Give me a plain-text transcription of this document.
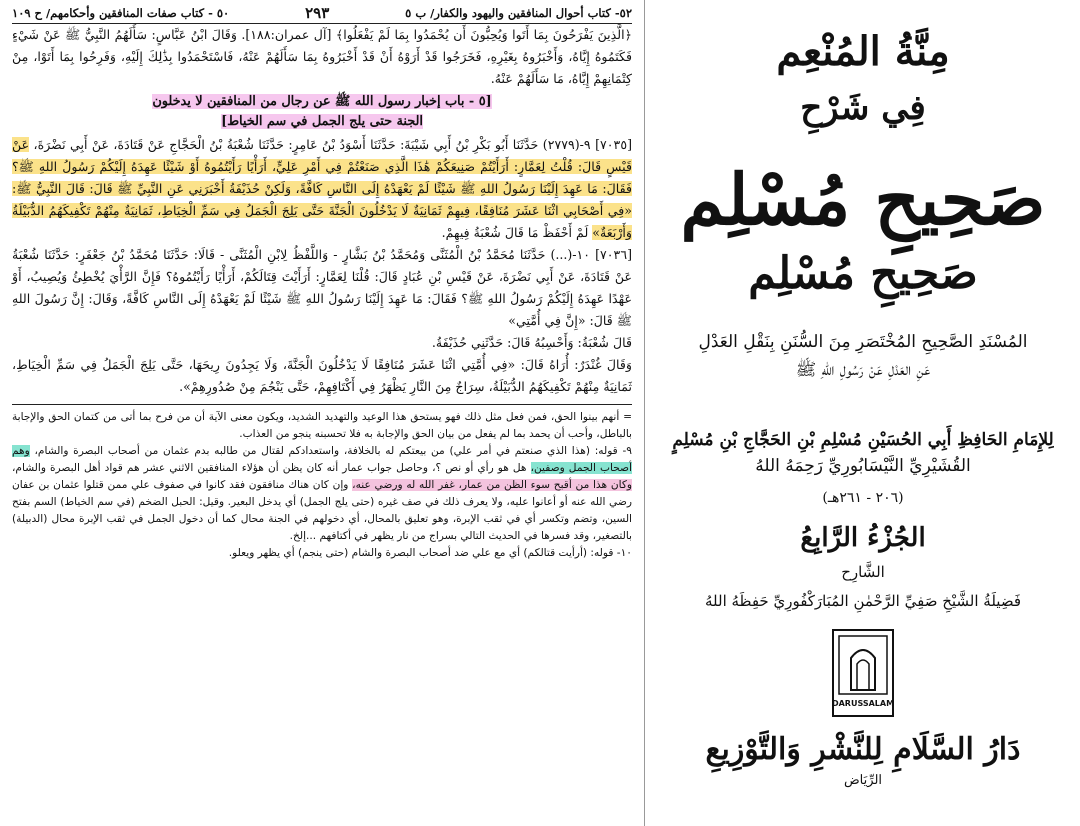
٥٢- كتاب أحوال المنافقين واليهود والكفار/ ب ٥
٢٩٣
٥٠ - كتاب صفات المنافقين وأحكامهم/ ح ١٠٩

﴿الَّذِينَ يَفْرَحُونَ بِمَا أَتَوا وَيُحِبُّونَ أَن يُحْمَدُوا بِمَا لَمْ يَفْعَلُوا﴾ [آل عمران:١٨٨]. وَقَالَ ابْنُ عَبَّاسٍ: سَأَلَهُمُ النَّبِيُّ ﷺ عَنْ شَيْءٍ فَكَتَمُوهُ إِيَّاهُ، وَأَخْبَرُوهُ بِغَيْرِهِ، فَخَرَجُوا قَدْ أَرَوْهُ أَنْ قَدْ أَخْبَرُوهُ بِمَا سَأَلَهُمْ عَنْهُ، فَاسْتَحْمَدُوا بِذَٰلِكَ إِلَيْهِ، وَفَرِحُوا بِمَا أَتَوْا، مِنْ كِتْمَانِهِمْ إِيَّاهُ، مَا سَأَلَهُمْ عَنْهُ.

[٥ - باب إخبار رسول الله ﷺ عن رجال من المنافقين لا يدخلون
الجنة حتى يلج الجمل في سم الخياط]

[٧٠٣٥] ٩-(٢٧٧٩) حَدَّثَنَا أَبُو بَكْرِ بْنُ أَبِي شَيْبَةَ: حَدَّثَنَا أَسْوَدُ بْنُ عَامِرٍ: حَدَّثَنَا شُعْبَةُ بْنُ الْحَجَّاجِ عَنْ قَتَادَةَ، عَنْ أَبِي نَضْرَةَ، عَنْ قَيْسٍ قَالَ: قُلْتُ لِعَمَّارٍ: أَرَأَيْتُمْ صَنِيعَكُمْ هَٰذَا الَّذِي صَنَعْتُمْ فِي أَمْرِ عَلِيٍّ، أَرَأْيًا رَأَيْتُمُوهُ أَوْ شَيْئًا عَهِدَهُ إِلَيْكُمْ رَسُولُ اللهِ ﷺ؟ فَقَالَ: مَا عَهِدَ إِلَيْنَا رَسُولُ اللهِ ﷺ شَيْئًا لَمْ يَعْهَدْهُ إِلَى النَّاسِ كَافَّةً، وَلَكِنْ حُذَيْفَةُ أَخْبَرَنِي عَنِ النَّبِيِّ ﷺ قَالَ: قَالَ النَّبِيُّ ﷺ: «فِي أَصْحَابِي اثْنَا عَشَرَ مُنَافِقًا، فِيهِمْ ثَمَانِيَةٌ لَا يَدْخُلُونَ الْجَنَّةَ حَتَّى يَلِجَ الْجَمَلُ فِي سَمِّ الْخِيَاطِ، ثَمَانِيَةٌ مِنْهُمْ تَكْفِيكَهُمُ الدُّبَيْلَةُ وَأَرْبَعَةٌ» لَمْ أَحْفَظْ مَا قَالَ شُعْبَةُ فِيهِمْ.

[٧٠٣٦] ١٠-(...) حَدَّثَنَا مُحَمَّدُ بْنُ الْمُثَنَّى وَمُحَمَّدُ بْنُ بَشَّارٍ - وَاللَّفْظُ لِابْنِ الْمُثَنَّى - قَالَا: حَدَّثَنَا مُحَمَّدُ بْنُ جَعْفَرٍ: حَدَّثَنَا شُعْبَةُ عَنْ قَتَادَةَ، عَنْ أَبِي نَضْرَةَ، عَنْ قَيْسِ بْنِ عُبَادٍ قَالَ: قُلْنَا لِعَمَّارٍ: أَرَأَيْتَ قِتَالَكُمْ، أَرَأْيًا رَأَيْتُمُوهُ؟ فَإِنَّ الرَّأْيَ يُخْطِئُ وَيُصِيبُ، أَوْ عَهْدًا عَهِدَهُ إِلَيْكُمْ رَسُولُ اللهِ ﷺ؟ فَقَالَ: مَا عَهِدَ إِلَيْنَا رَسُولُ اللهِ ﷺ شَيْئًا لَمْ يَعْهَدْهُ إِلَى النَّاسِ كَافَّةً، وَقَالَ: إِنَّ رَسُولَ اللهِ ﷺ قَالَ: «إِنَّ فِي أُمَّتِي»

قَالَ شُعْبَةُ: وَأَحْسِبُهُ قَالَ: حَدَّثَنِي حُذَيْفَةُ.

وَقَالَ غُنْدَرٌ: أُرَاهُ قَالَ: «فِي أُمَّتِي اثْنَا عَشَرَ مُنَافِقًا لَا يَدْخُلُونَ الْجَنَّةَ، وَلَا يَجِدُونَ رِيحَهَا، حَتَّى يَلِجَ الْجَمَلُ فِي سَمِّ الْخِيَاطِ، ثَمَانِيَةٌ مِنْهُمْ تَكْفِيكَهُمُ الدُّبَيْلَةُ، سِرَاجٌ مِنَ النَّارِ يَظْهَرُ فِي أَكْتَافِهِمْ، حَتَّى يَنْجُمَ مِنْ صُدُورِهِمْ».

= أنهم بينوا الحق، فمن فعل مثل ذلك فهو يستحق هذا الوعيد والتهديد الشديد، ويكون معنى الآية أن من فرح بما أتى من كتمان الحق والإجابة بالباطل، وأحب أن يحمد بما لم يفعل من بيان الحق والإجابة به فلا تحسبنه ينجو من العذاب.

٩- قوله: (هذا الذي صنعتم في أمر علي) من بيعتكم له بالخلافة، واستعدادكم لقتال من طالبه بدم عثمان من أصحاب البصرة والشام، وهم أصحاب الجمل وصفين، هل هو رأي أو نص ؟، وحاصل جواب عمار أنه كان يظن أن هؤلاء المنافقين الاثني عشر هم قواد أهل البصرة والشام، وكان هذا من أقبح سوء الظن من عمار، غفر الله له ورضي عنه، وإن كان هناك منافقون فقد كانوا في صفوف علي ممن قتلوا عثمان بن عفان رضي الله عنه أو أعانوا عليه، ولا يعرف ذلك في صف غيره (حتى يلج الجمل) أي يدخل البعير. وقيل: الحبل الضخم (في سم الخياط) السم بفتح السين، وتضم وتكسر أي في ثقب الإبرة، وهو تعليق بالمحال، أي دخولهم في الجنة محال كما أن دخول الجمل في ثقب الإبرة محال (الدبيلة) بالتصغير، وقد فسرها في الحديث التالي بسراج من نار يظهر في أكتافهم ...إلخ.

١٠- قوله: (أرأيت قتالكم) أي مع علي ضد أصحاب البصرة والشام (حتى ينجم) أي يظهر ويعلو.

مِنَّةُ المُنْعِم
فِي شَرْحِ
صَحِيحِ مُسْلِم
صَحِيحِ مُسْلِم
المُسْنَدِ الصَّحِيحِ المُخْتَصَرِ مِنَ السُّنَنِ بِنَقْلِ العَدْلِ
عَنِ العَدْلِ عَنْ رَسُولِ اللهِ ﷺ
لِلإِمَامِ الحَافِظِ أَبِي الحُسَيْنِ مُسْلِمِ بْنِ الحَجَّاجِ بْنِ مُسْلِمٍ
القُشَيْرِيِّ النَّيْسَابُورِيِّ رَحِمَهُ اللهُ
(٢٠٦ - ٢٦١هـ)
الجُزْءُ الرَّابِعُ
الشَّارِح
فَضِيلَةُ الشَّيْخِ صَفِيِّ الرَّحْمٰنِ المُبَارَكْفُورِيِّ حَفِظَهُ اللهُ
DARUSSALAM
دَارُ السَّلَامِ لِلنَّشْرِ وَالتَّوْزِيعِ
الرِّيَاض
